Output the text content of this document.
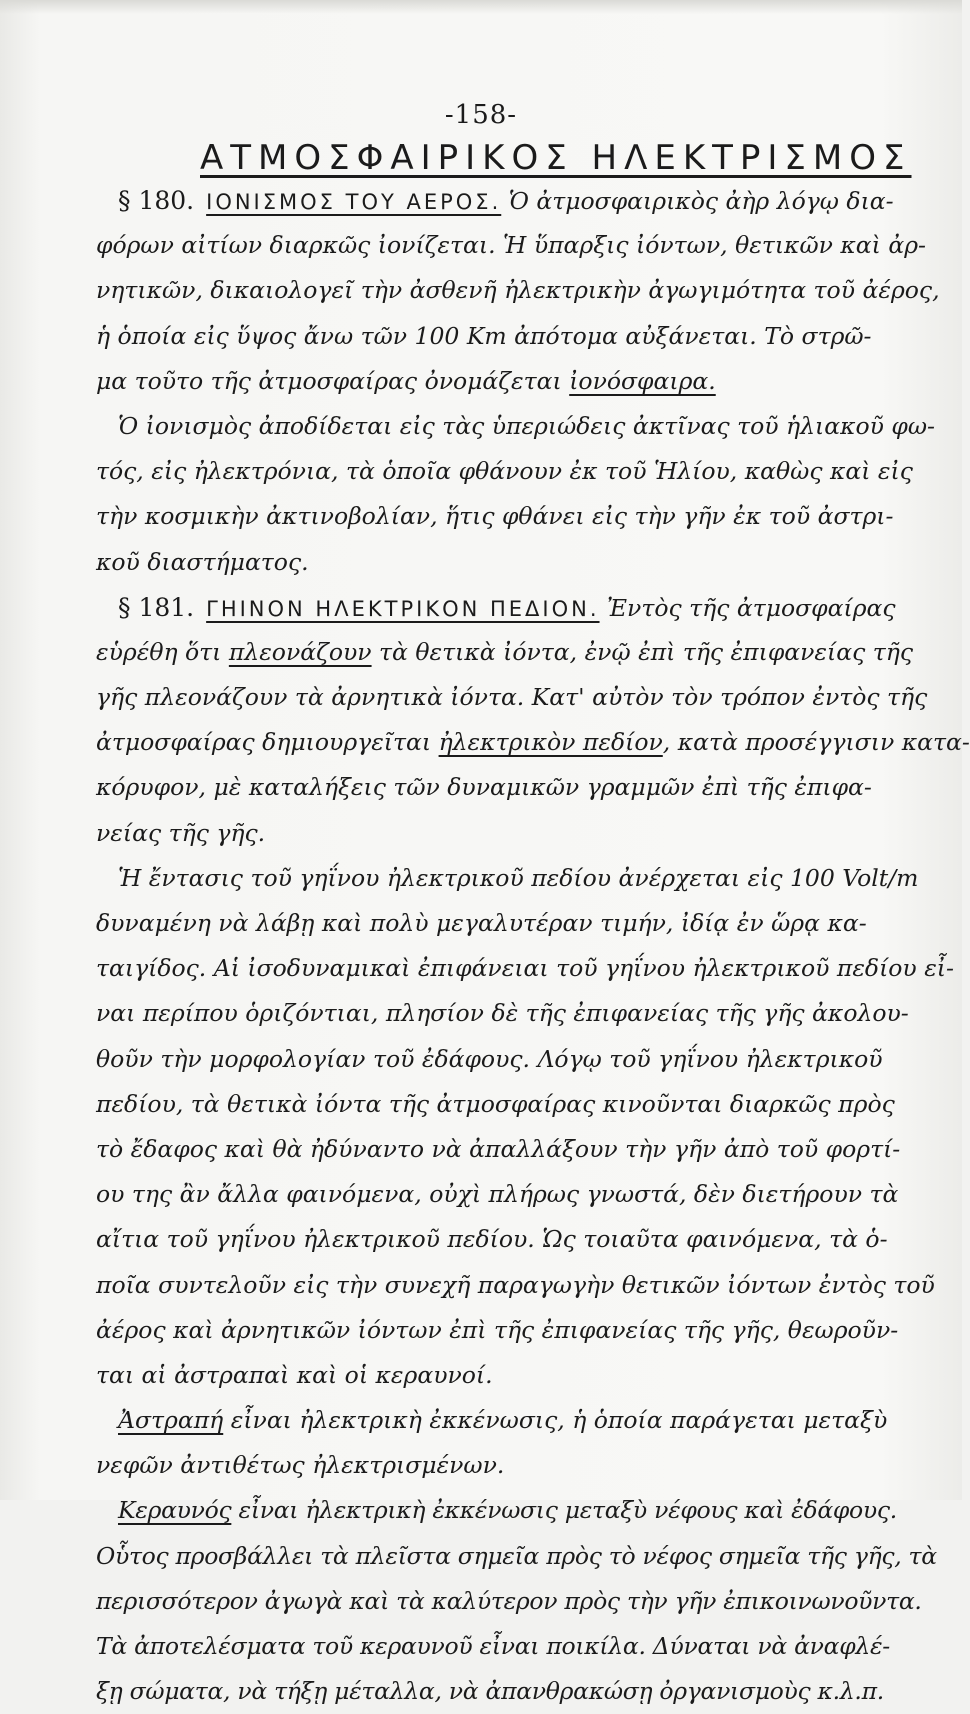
-158-
ΑΤΜΟΣΦΑΙΡΙΚΟΣ ΗΛΕΚΤΡΙΣΜΟΣ
§ 180. ΙΟΝΙΣΜΟΣ ΤΟΥ ΑΕΡΟΣ. Ὁ ἀτμοσφαιρικὸς ἀὴρ λόγῳ δια-
φόρων αἰτίων διαρκῶς ἰονίζεται. Ἡ ὕπαρξις ἰόντων, θετικῶν καὶ ἀρ-
νητικῶν, δικαιολογεῖ τὴν ἀσθενῆ ἠλεκτρικὴν ἀγωγιμότητα τοῦ ἀέρος,
ἡ ὁποία εἰς ὕψος ἄνω τῶν 100 Km ἀπότομα αὐξάνεται. Τὸ στρῶ-
μα τοῦτο τῆς ἀτμοσφαίρας ὀνομάζεται ἰονόσφαιρα.
Ὁ ἰονισμὸς ἀποδίδεται εἰς τὰς ὑπεριώδεις ἀκτῖνας τοῦ ἡλιακοῦ φω-
τός, εἰς ἠλεκτρόνια, τὰ ὁποῖα φθάνουν ἐκ τοῦ Ἡλίου, καθὼς καὶ εἰς
τὴν κοσμικὴν ἀκτινοβολίαν, ἥτις φθάνει εἰς τὴν γῆν ἐκ τοῦ ἀστρι-
κοῦ διαστήματος.
§ 181. ΓΗΙΝΟΝ ΗΛΕΚΤΡΙΚΟΝ ΠΕΔΙΟΝ. Ἐντὸς τῆς ἀτμοσφαίρας
εὑρέθη ὅτι πλεονάζουν τὰ θετικὰ ἰόντα, ἐνῷ ἐπὶ τῆς ἐπιφανείας τῆς
γῆς πλεονάζουν τὰ ἀρνητικὰ ἰόντα. Κατ' αὐτὸν τὸν τρόπον ἐντὸς τῆς
ἀτμοσφαίρας δημιουργεῖται ἠλεκτρικὸν πεδίον, κατὰ προσέγγισιν κατα-
κόρυφον, μὲ καταλήξεις τῶν δυναμικῶν γραμμῶν ἐπὶ τῆς ἐπιφα-
νείας τῆς γῆς.
Ἡ ἔντασις τοῦ γηΐνου ἠλεκτρικοῦ πεδίου ἀνέρχεται εἰς 100 Volt/m
δυναμένη νὰ λάβῃ καὶ πολὺ μεγαλυτέραν τιμήν, ἰδίᾳ ἐν ὥρᾳ κα-
ταιγίδος. Αἱ ἰσοδυναμικαὶ ἐπιφάνειαι τοῦ γηΐνου ἠλεκτρικοῦ πεδίου εἶ-
ναι περίπου ὁριζόντιαι, πλησίον δὲ τῆς ἐπιφανείας τῆς γῆς ἀκολου-
θοῦν τὴν μορφολογίαν τοῦ ἐδάφους. Λόγῳ τοῦ γηΐνου ἠλεκτρικοῦ
πεδίου, τὰ θετικὰ ἰόντα τῆς ἀτμοσφαίρας κινοῦνται διαρκῶς πρὸς
τὸ ἔδαφος καὶ θὰ ἠδύναντο νὰ ἀπαλλάξουν τὴν γῆν ἀπὸ τοῦ φορτί-
ου της ἂν ἄλλα φαινόμενα, οὐχὶ πλήρως γνωστά, δὲν διετήρουν τὰ
αἴτια τοῦ γηΐνου ἠλεκτρικοῦ πεδίου. Ὡς τοιαῦτα φαινόμενα, τὰ ὁ-
ποῖα συντελοῦν εἰς τὴν συνεχῆ παραγωγὴν θετικῶν ἰόντων ἐντὸς τοῦ
ἀέρος καὶ ἀρνητικῶν ἰόντων ἐπὶ τῆς ἐπιφανείας τῆς γῆς, θεωροῦν-
ται αἱ ἀστραπαὶ καὶ οἱ κεραυνοί.
Ἀστραπή εἶναι ἠλεκτρικὴ ἐκκένωσις, ἡ ὁποία παράγεται μεταξὺ
νεφῶν ἀντιθέτως ἠλεκτρισμένων.
Κεραυνός εἶναι ἠλεκτρικὴ ἐκκένωσις μεταξὺ νέφους καὶ ἐδάφους.
Οὗτος προσβάλλει τὰ πλεῖστα σημεῖα πρὸς τὸ νέφος σημεῖα τῆς γῆς, τὰ
περισσότερον ἀγωγὰ καὶ τὰ καλύτερον πρὸς τὴν γῆν ἐπικοινωνοῦντα.
Τὰ ἀποτελέσματα τοῦ κεραυνοῦ εἶναι ποικίλα. Δύναται νὰ ἀναφλέ-
ξῃ σώματα, νὰ τήξῃ μέταλλα, νὰ ἀπανθρακώσῃ ὀργανισμοὺς κ.λ.π.
